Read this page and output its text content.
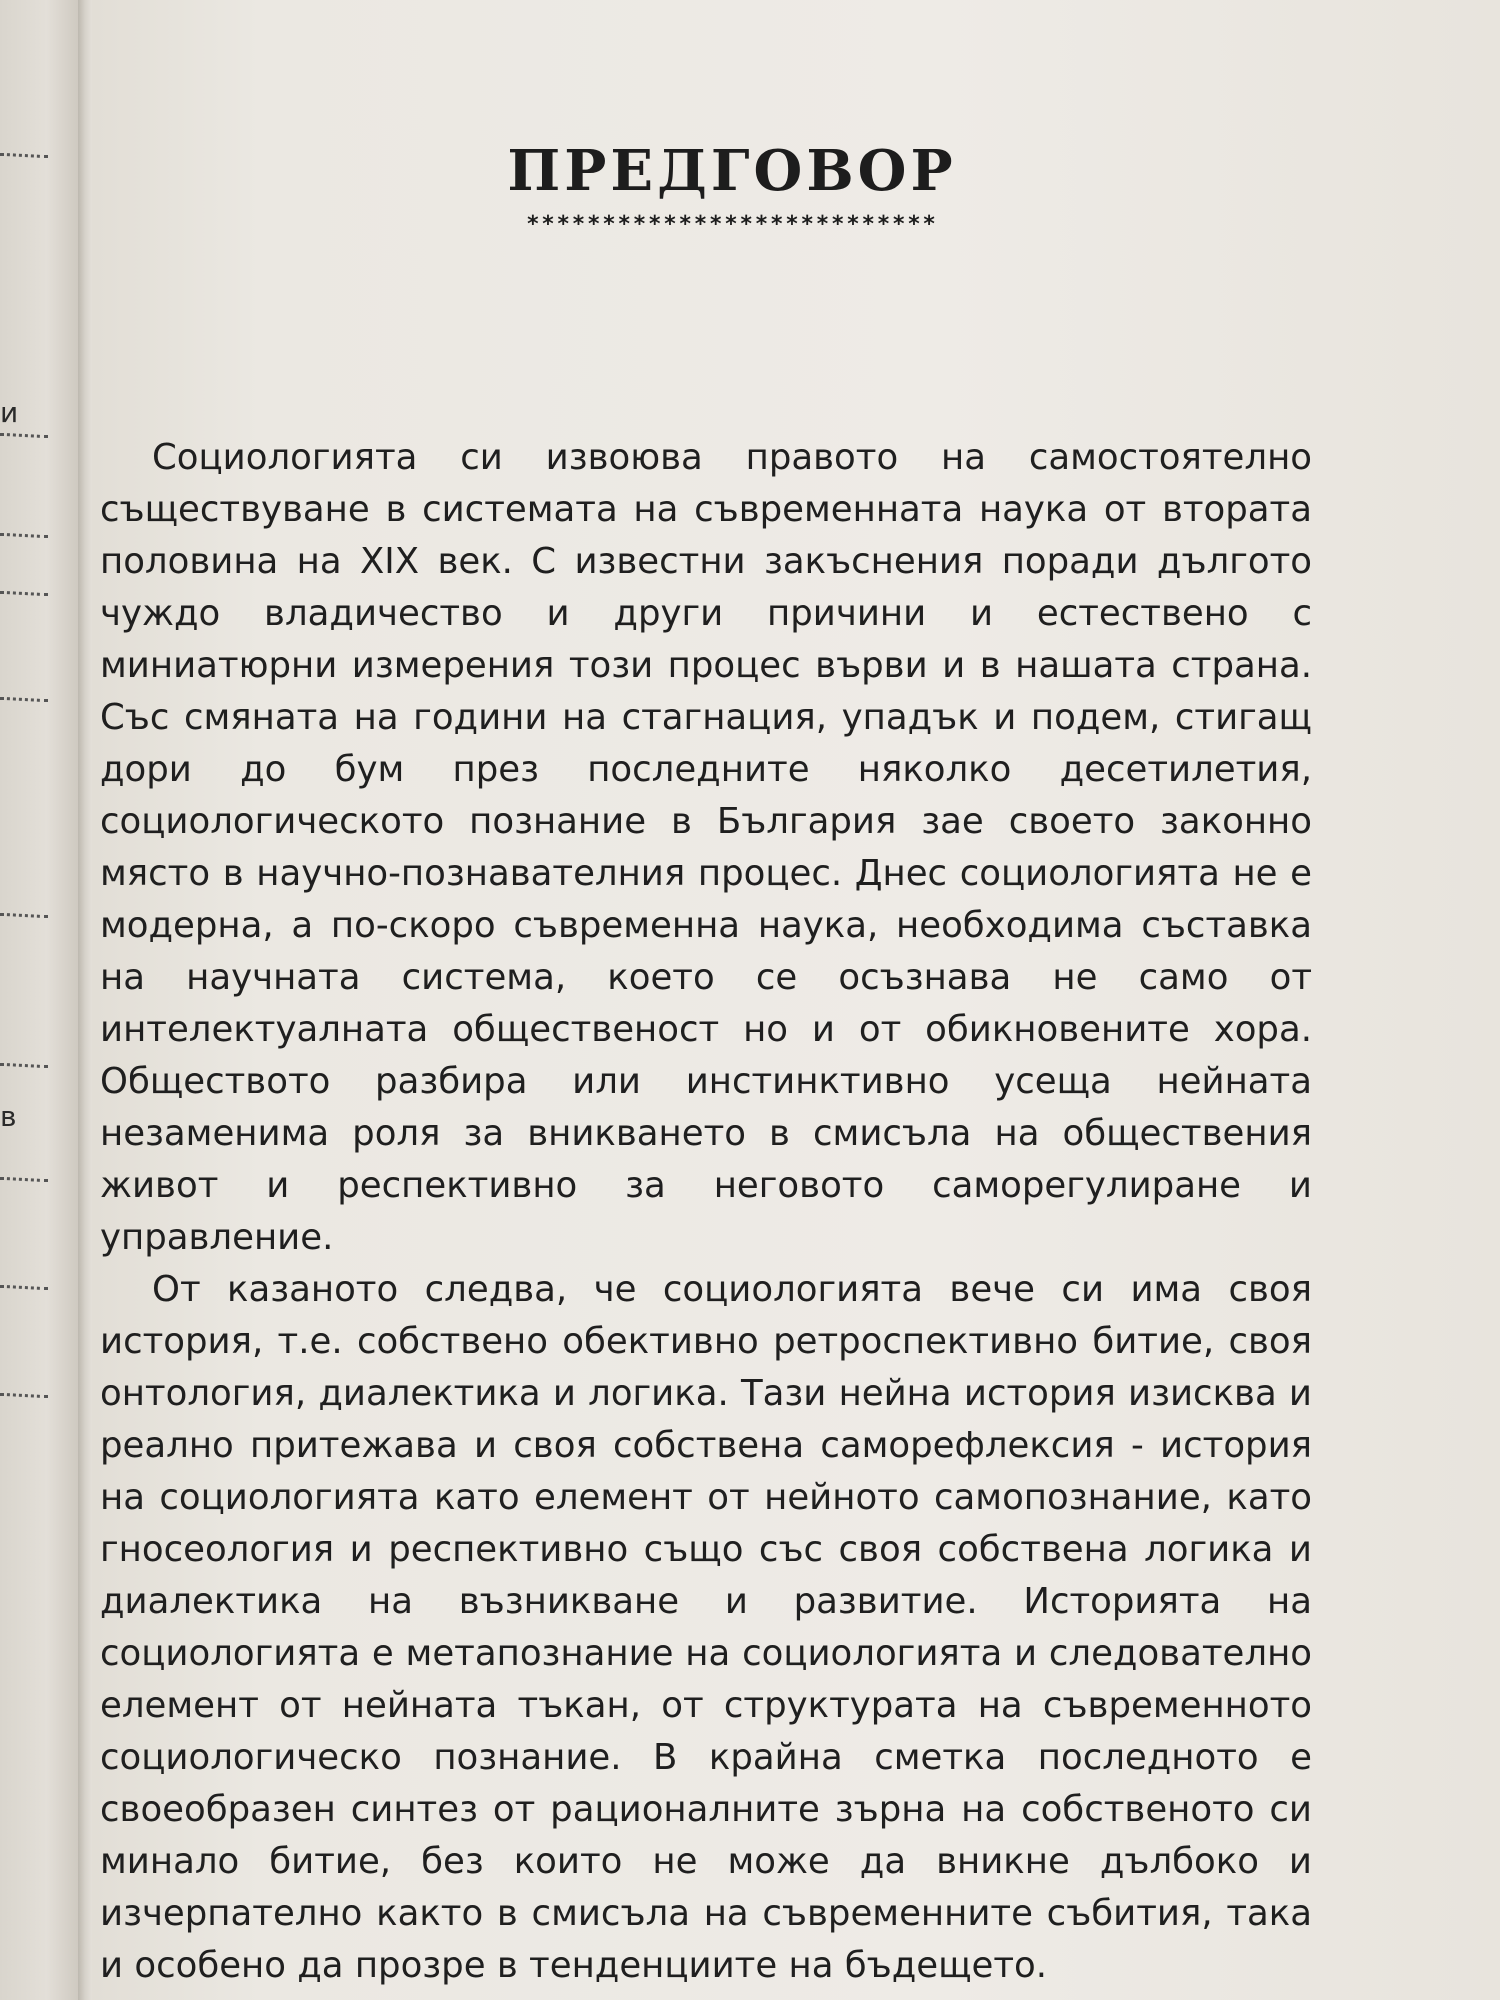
и
в
ПРЕДГОВОР
***************************

Социологията си извоюва правото на самостоятелно съществуване в системата на съвременната наука от втората половина на XIX век. С известни закъснения поради дългото чуждо владичество и други причини и естествено с миниатюрни измерения този процес върви и в нашата страна. Със смяната на години на стагнация, упадък и подем, стигащ дори до бум през последните няколко десетилетия, социологическото познание в България зае своето законно място в научно-познавателния процес. Днес социологията не е модерна, а по-скоро съвременна наука, необходима съставка на научната система, което се осъзнава не само от интелектуалната общественост но и от обикновените хора. Обществото разбира или инстинктивно усеща нейната незаменима роля за вникването в смисъла на обществения живот и респективно за неговото саморегулиране и управление.

От казаното следва, че социологията вече си има своя история, т.е. собствено обективно ретроспективно битие, своя онтология, диалектика и логика. Тази нейна история изисква и реално притежава и своя собствена саморефлексия - история на социологията като елемент от нейното самопознание, като гносеология и респективно също със своя собствена логика и диалектика на възникване и развитие. Историята на социологията е метапознание на социологията и следователно елемент от нейната тъкан, от структурата на съвременното социологическо познание. В крайна сметка последното е своеобразен синтез от рационалните зърна на собственото си минало битие, без които не може да вникне дълбоко и изчерпателно както в смисъла на съвременните събития, така и особено да прозре в тенденциите на бъдещето.
